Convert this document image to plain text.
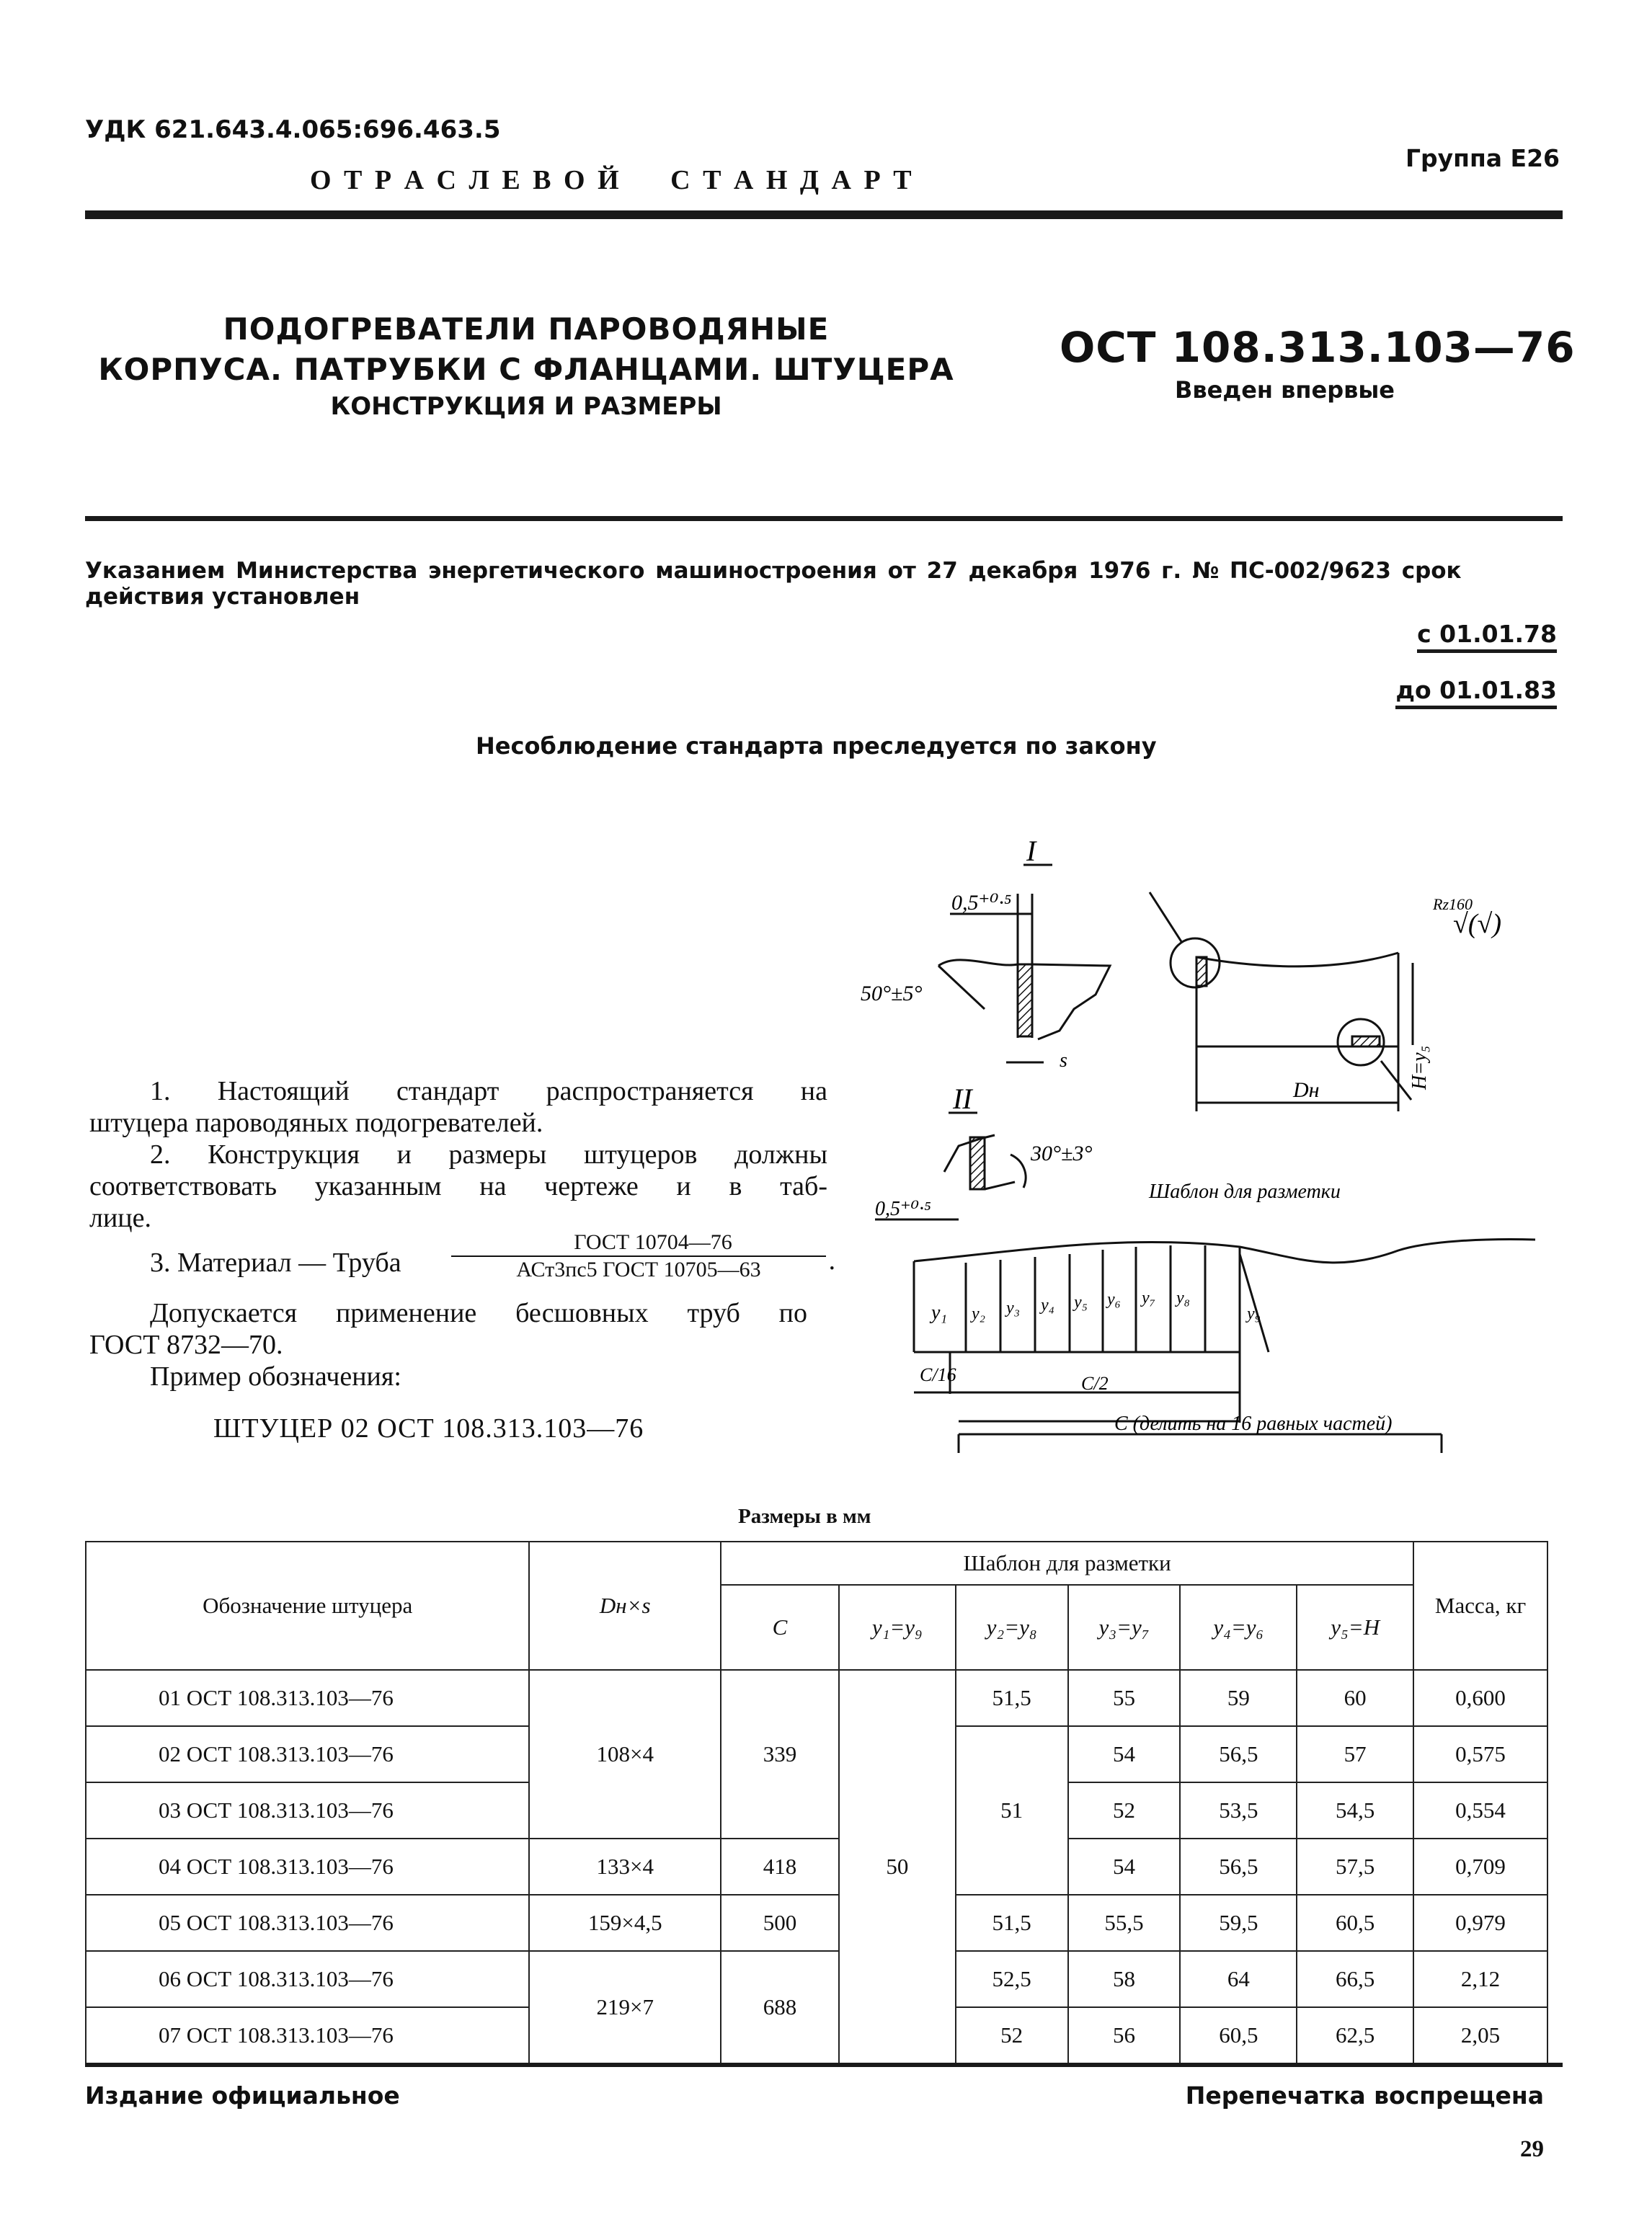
УДК 621.643.4.065:696.463.5
Группа Е26
О Т Р А С Л Е В О Й     С Т А Н Д А Р Т
ПОДОГРЕВАТЕЛИ ПАРОВОДЯНЫЕ
КОРПУСА. ПАТРУБКИ С ФЛАНЦАМИ. ШТУЦЕРА
КОНСТРУКЦИЯ И РАЗМЕРЫ
ОСТ 108.313.103—76
Введен впервые
Указанием Министерства энергетического машиностроения от 27 декабря 1976 г. № ПС-002/9623 срок
действия установлен
с 01.01.78
до 01.01.83
Несоблюдение стандарта преследуется по закону
1. Настоящий стандарт распространяется на
штуцера пароводяных подогревателей.
2. Конструкция и размеры штуцеров должны
соответствовать указанным на чертеже и в таб-
лице.
3. Материал — Труба
ГОСТ 10704—76
АСт3пс5 ГОСТ 10705—63	·
Допускается применение бесшовных труб по
ГОСТ 8732—70.
Пример обозначения:
ШТУЦЕР 02 ОСТ 108.313.103—76
I
0,5⁺⁰·⁵
50°±5°
s
II
30°±3°
0,5⁺⁰·⁵
H=y₅
Dн
Rz160
√(√)
Шаблон для разметки
y₁ y₂ y₃ y₄ y₅ y₆ y₇ y₈
y₉
C/16	C/2
C (делить на 16 равных частей)
Размеры в мм
Обозначение штуцера	Dн×s	Шаблон для разметки						Масса, кг
		C	y₁=y₉	y₂=y₈	y₃=y₇	y₄=y₆	y₅=H	
01 ОСТ 108.313.103—76	108×4	339	50	51,5	55	59	60	0,600
02 ОСТ 108.313.103—76				51	54	56,5	57	0,575
03 ОСТ 108.313.103—76					52	53,5	54,5	0,554
04 ОСТ 108.313.103—76	133×4	418			54	56,5	57,5	0,709
05 ОСТ 108.313.103—76	159×4,5	500		51,5	55,5	59,5	60,5	0,979
06 ОСТ 108.313.103—76	219×7	688		52,5	58	64	66,5	2,12
07 ОСТ 108.313.103—76				52	56	60,5	62,5	2,05
Издание официальное	Перепечатка воспрещена
29
